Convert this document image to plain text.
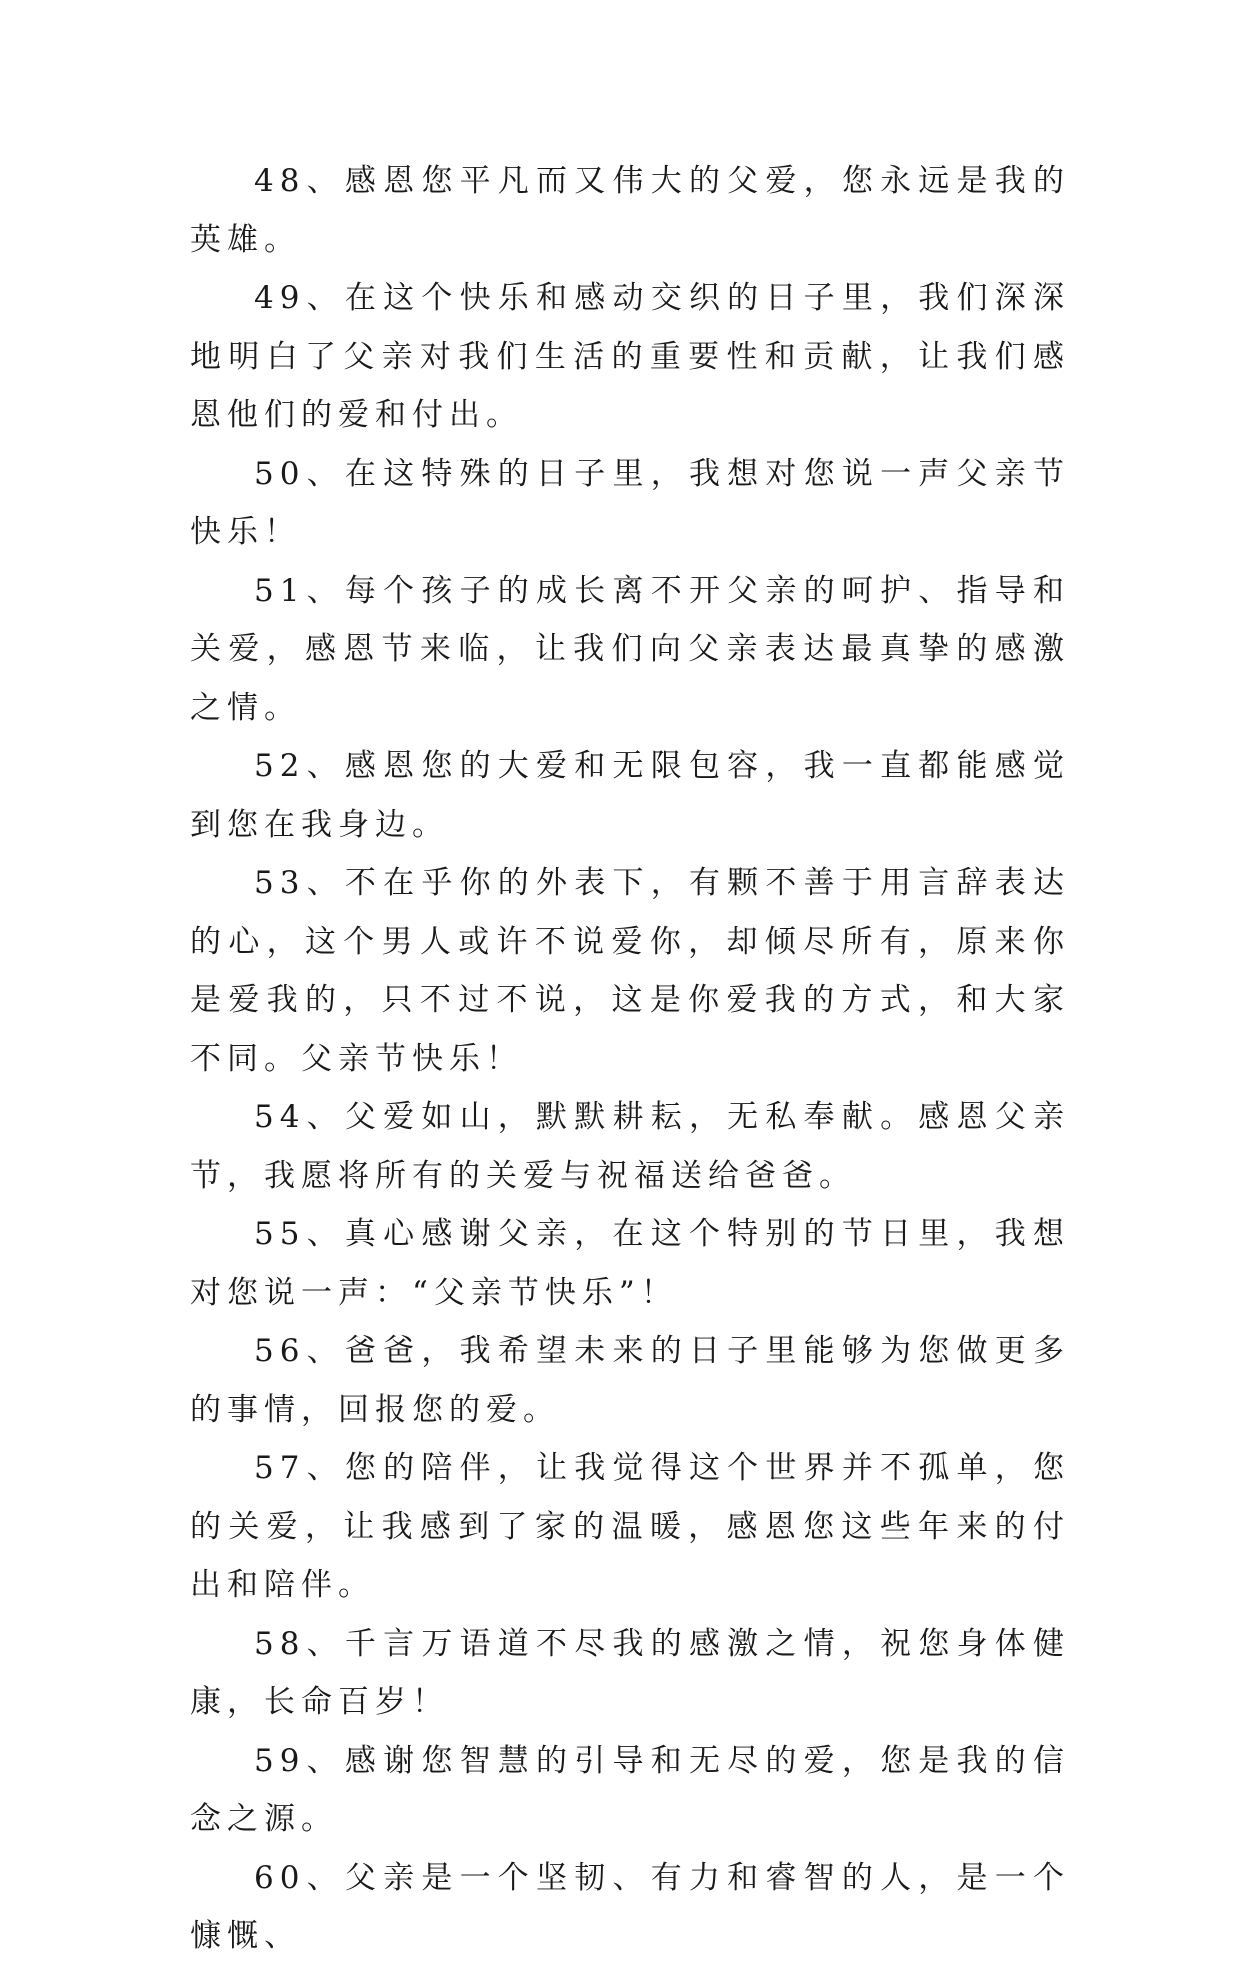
48、感恩您平凡而又伟大的父爱，您永远是我的英雄。

49、在这个快乐和感动交织的日子里，我们深深地明白了父亲对我们生活的重要性和贡献，让我们感恩他们的爱和付出。

50、在这特殊的日子里，我想对您说一声父亲节快乐！

51、每个孩子的成长离不开父亲的呵护、指导和关爱，感恩节来临，让我们向父亲表达最真挚的感激之情。

52、感恩您的大爱和无限包容，我一直都能感觉到您在我身边。

53、不在乎你的外表下，有颗不善于用言辞表达的心，这个男人或许不说爱你，却倾尽所有，原来你是爱我的，只不过不说，这是你爱我的方式，和大家不同。父亲节快乐！

54、父爱如山，默默耕耘，无私奉献。感恩父亲节，我愿将所有的关爱与祝福送给爸爸。

55、真心感谢父亲，在这个特别的节日里，我想对您说一声：“父亲节快乐”！

56、爸爸，我希望未来的日子里能够为您做更多的事情，回报您的爱。

57、您的陪伴，让我觉得这个世界并不孤单，您的关爱，让我感到了家的温暖，感恩您这些年来的付出和陪伴。

58、千言万语道不尽我的感激之情，祝您身体健康，长命百岁！

59、感谢您智慧的引导和无尽的爱，您是我的信念之源。

60、父亲是一个坚韧、有力和睿智的人，是一个慷慨、
